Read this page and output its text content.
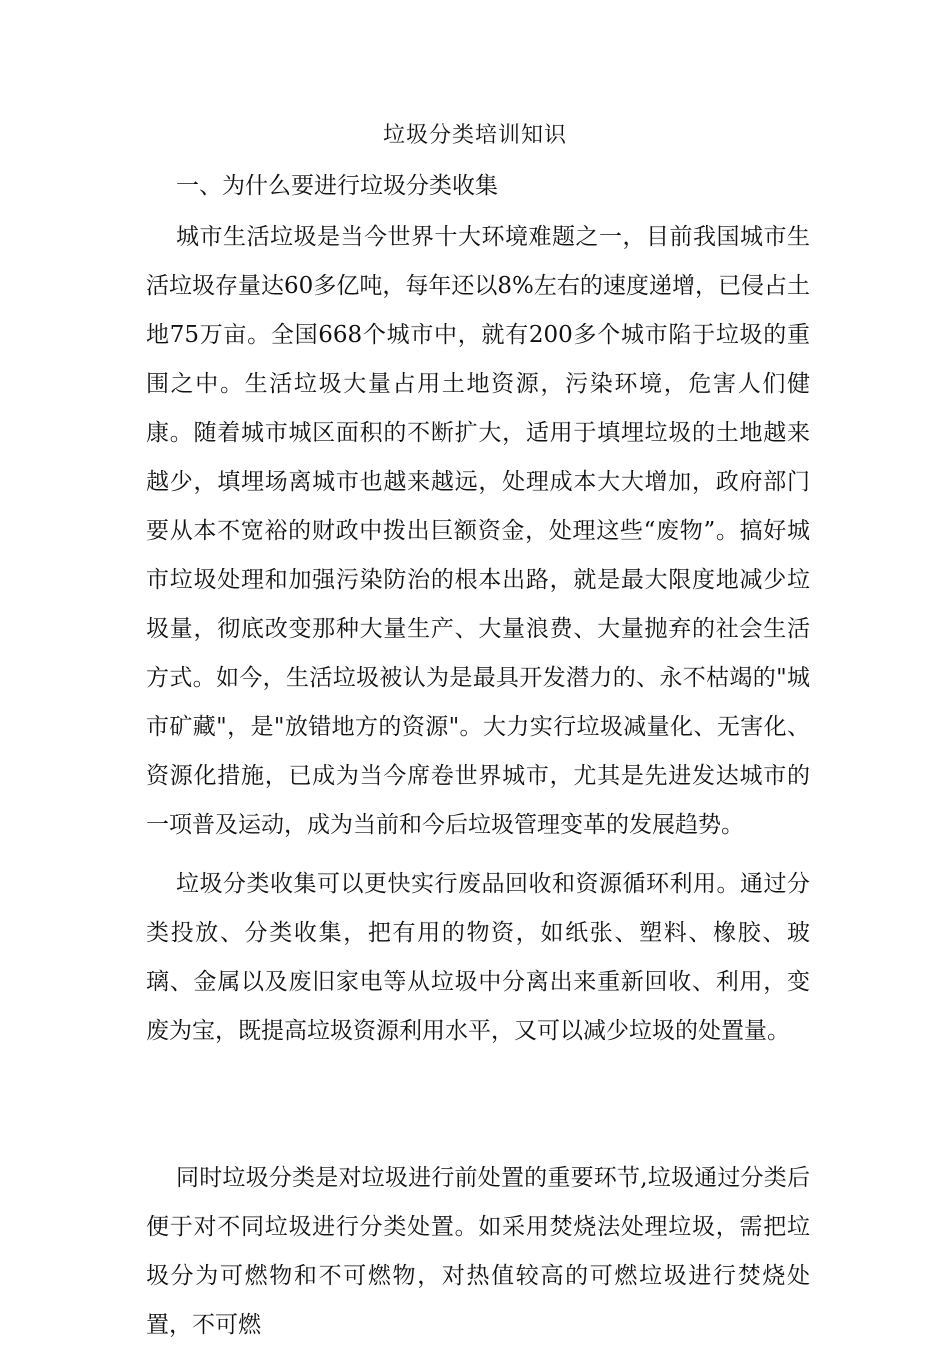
垃圾分类培训知识
一、为什么要进行垃圾分类收集
城市生活垃圾是当今世界十大环境难题之一，目前我国城市生活垃圾存量达60多亿吨，每年还以8%左右的速度递增，已侵占土地75万亩。全国668个城市中，就有200多个城市陷于垃圾的重围之中。生活垃圾大量占用土地资源，污染环境，危害人们健康。随着城市城区面积的不断扩大，适用于填埋垃圾的土地越来越少，填埋场离城市也越来越远，处理成本大大增加，政府部门要从本不宽裕的财政中拨出巨额资金，处理这些“废物”。搞好城市垃圾处理和加强污染防治的根本出路，就是最大限度地减少垃圾量，彻底改变那种大量生产、大量浪费、大量抛弃的社会生活方式。如今，生活垃圾被认为是最具开发潜力的、永不枯竭的"城市矿藏"，是"放错地方的资源"。大力实行垃圾减量化、无害化、资源化措施，已成为当今席卷世界城市，尤其是先进发达城市的一项普及运动，成为当前和今后垃圾管理变革的发展趋势。
垃圾分类收集可以更快实行废品回收和资源循环利用。通过分类投放、分类收集，把有用的物资，如纸张、塑料、橡胶、玻璃、金属以及废旧家电等从垃圾中分离出来重新回收、利用，变废为宝，既提高垃圾资源利用水平，又可以减少垃圾的处置量。
同时垃圾分类是对垃圾进行前处置的重要环节,垃圾通过分类后便于对不同垃圾进行分类处置。如采用焚烧法处理垃圾，需把垃圾分为可燃物和不可燃物，对热值较高的可燃垃圾进行焚烧处置，不可燃
